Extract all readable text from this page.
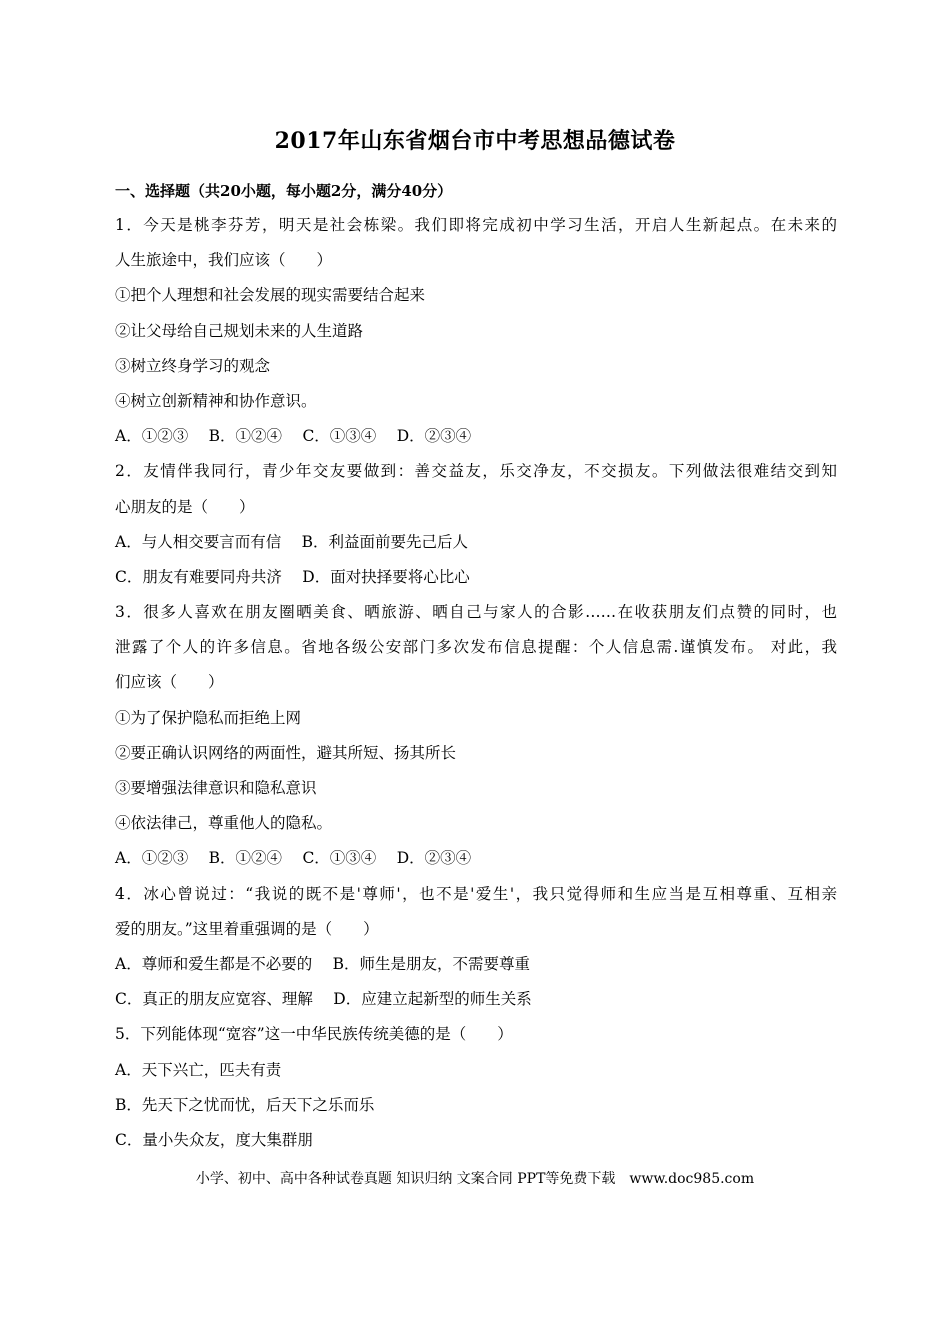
2017年山东省烟台市中考思想品德试卷
一、选择题（共20小题，每小题2分，满分40分）
1．今天是桃李芬芳，明天是社会栋梁。我们即将完成初中学习生活，开启人生新起点。在未来的
人生旅途中，我们应该（　　）
①把个人理想和社会发展的现实需要结合起来
②让父母给自己规划未来的人生道路
③树立终身学习的观念
④树立创新精神和协作意识。
A．①②③　 B．①②④　 C．①③④　 D．②③④
2．友情伴我同行，青少年交友要做到：善交益友，乐交净友，不交损友。下列做法很难结交到知
心朋友的是（　　）
A．与人相交要言而有信　 B．利益面前要先己后人
C．朋友有难要同舟共济　 D．面对抉择要将心比心
3．很多人喜欢在朋友圈晒美食、晒旅游、晒自己与家人的合影……在收获朋友们点赞的同时，也
泄露了个人的许多信息。省地各级公安部门多次发布信息提醒：个人信息需.谨慎发布。 对此，我
们应该（　　）
①为了保护隐私而拒绝上网
②要正确认识网络的两面性，避其所短、扬其所长
③要增强法律意识和隐私意识
④依法律己，尊重他人的隐私。
A．①②③　 B．①②④　 C．①③④　 D．②③④
4．冰心曾说过：“我说的既不是'尊师'，也不是'爱生'，我只觉得师和生应当是互相尊重、互相亲
爱的朋友。”这里着重强调的是（　　）
A．尊师和爱生都是不必要的　 B．师生是朋友，不需要尊重
C．真正的朋友应宽容、理解　 D．应建立起新型的师生关系
5．下列能体现“宽容”这一中华民族传统美德的是（　　）
A．天下兴亡，匹夫有责
B．先天下之忧而忧，后天下之乐而乐
C．量小失众友，度大集群朋
小学、初中、高中各种试卷真题 知识归纳 文案合同 PPT等免费下载　www.doc985.com
